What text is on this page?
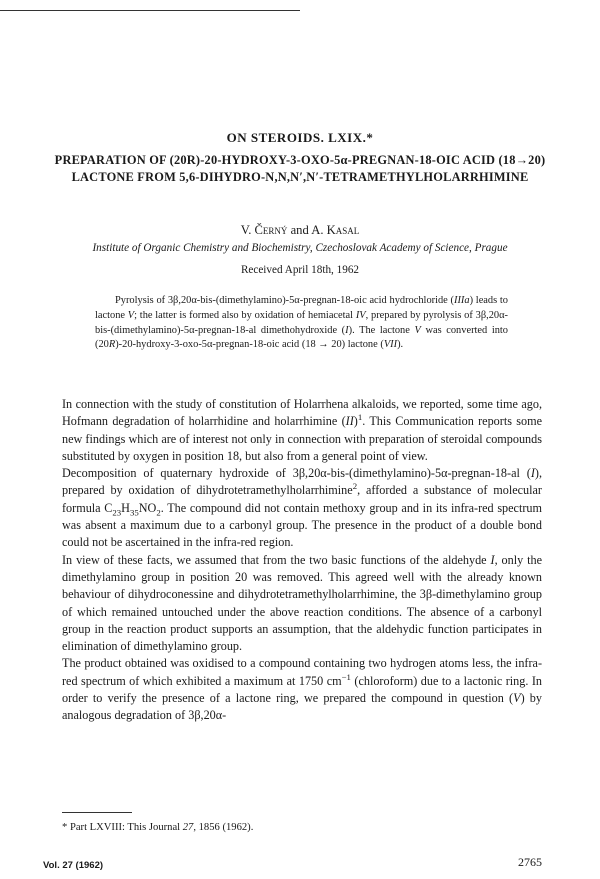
ON STEROIDS. LXIX.*
PREPARATION OF (20R)-20-HYDROXY-3-OXO-5α-PREGNAN-18-OIC ACID (18→20) LACTONE FROM 5,6-DIHYDRO-N,N,N′,N′-TETRAMETHYLHOLARRHIMINE
V. Černý and A. Kasal
Institute of Organic Chemistry and Biochemistry, Czechoslovak Academy of Science, Prague
Received April 18th, 1962

Pyrolysis of 3β,20α-bis-(dimethylamino)-5α-pregnan-18-oic acid hydrochloride (IIIa) leads to lactone V; the latter is formed also by oxidation of hemiacetal IV, prepared by pyrolysis of 3β,20α-bis-(dimethylamino)-5α-pregnan-18-al dimethohydroxide (I). The lactone V was converted into (20R)-20-hydroxy-3-oxo-5α-pregnan-18-oic acid (18 → 20) lactone (VII).

In connection with the study of constitution of Holarrhena alkaloids, we reported, some time ago, Hofmann degradation of holarrhidine and holarrhimine (II)$^1$. This Communication reports some new findings which are of interest not only in connection with preparation of steroidal compounds substituted by oxygen in position 18, but also from a general point of view.

Decomposition of quaternary hydroxide of 3β,20α-bis-(dimethylamino)-5α-pregnan-18-al (I), prepared by oxidation of dihydrotetramethylholarrhimine$^2$, afforded a substance of molecular formula $C_{23}H_{35}NO_2$. The compound did not contain methoxy group and in its infra-red spectrum was absent a maximum due to a carbonyl group. The presence in the product of a double bond could not be ascertained in the infra-red region.

In view of these facts, we assumed that from the two basic functions of the aldehyde I, only the dimethylamino group in position 20 was removed. This agreed well with the already known behaviour of dihydroconessine and dihydrotetramethylholarrhimine, the 3β-dimethylamino group of which remained untouched under the above reaction conditions. The absence of a carbonyl group in the reaction product supports an assumption, that the aldehydic function participates in elimination of dimethylamino group.

The product obtained was oxidised to a compound containing two hydrogen atoms less, the infra-red spectrum of which exhibited a maximum at 1750 $cm^{-1}$ (chloroform) due to a lactonic ring. In order to verify the presence of a lactone ring, we prepared the compound in question (V) by analogous degradation of 3β,20α-

* Part LXVIII: This Journal 27, 1856 (1962).
Vol. 27 (1962)	2765
